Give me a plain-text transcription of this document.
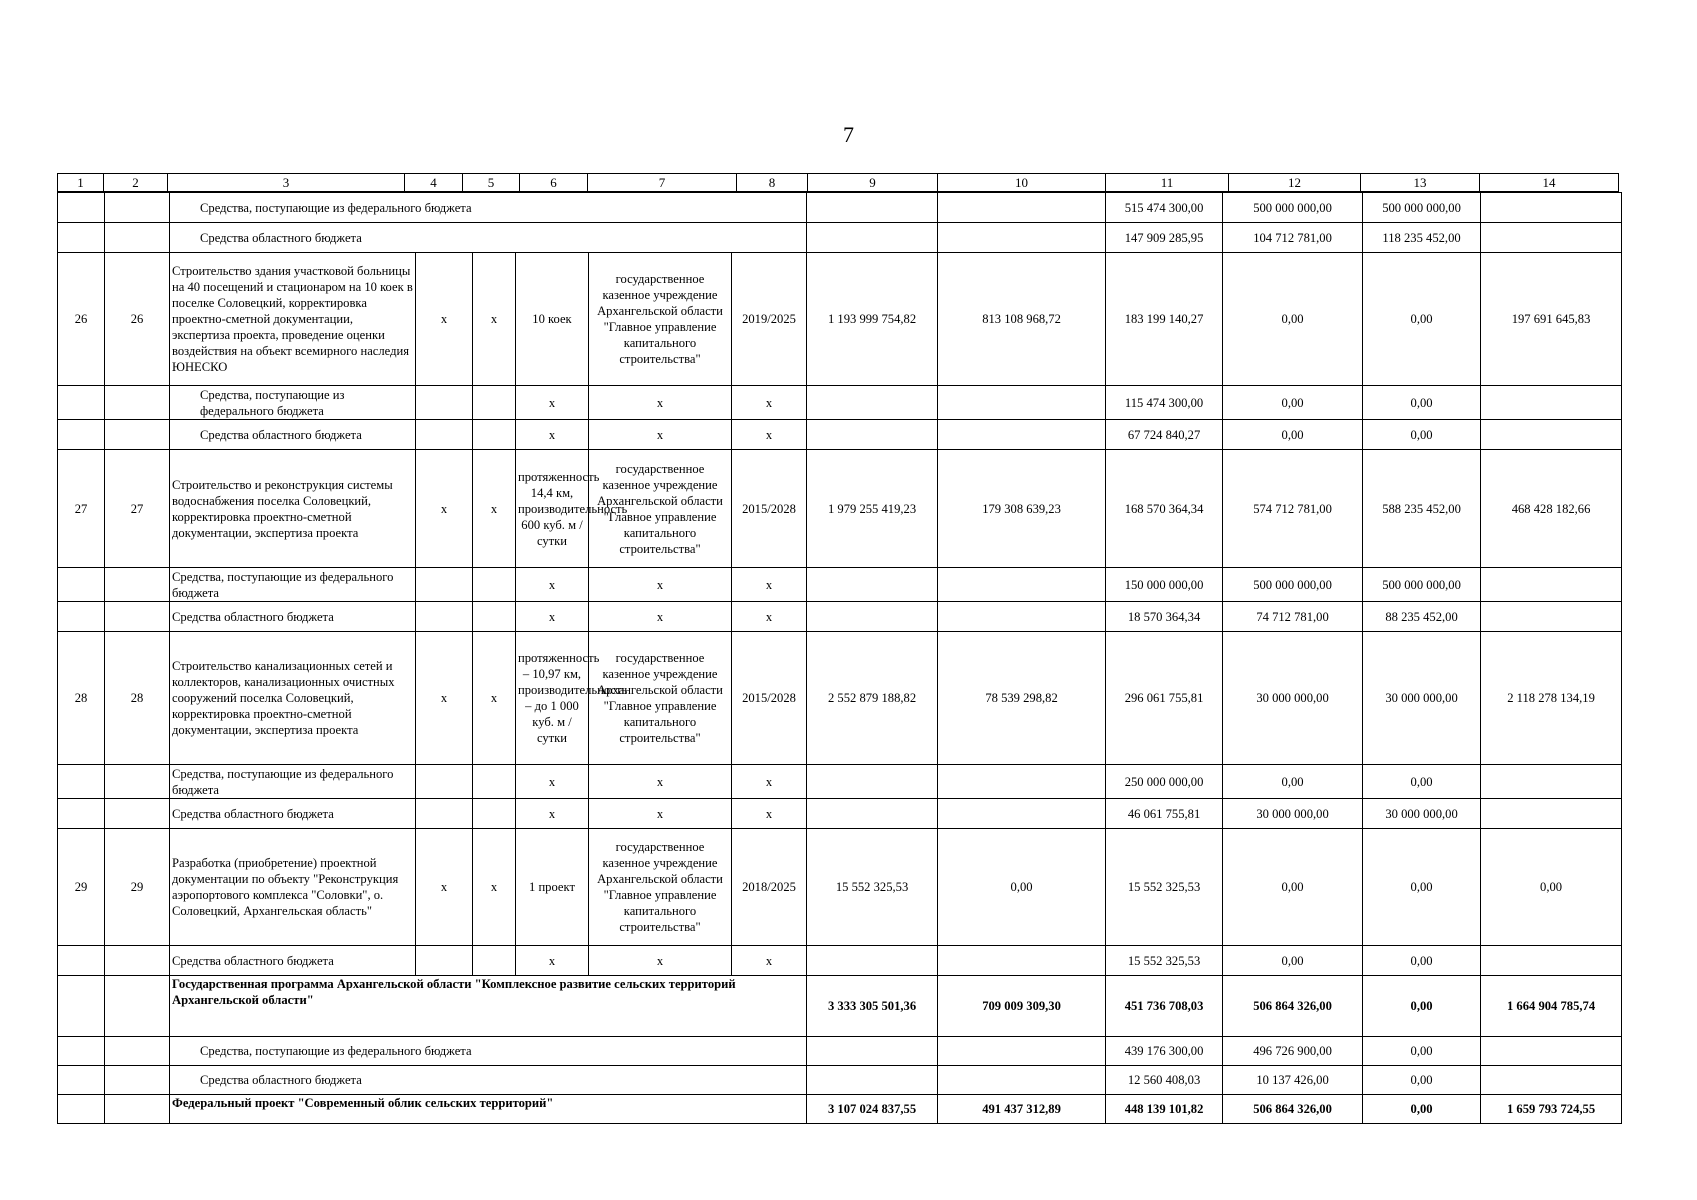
7
1	2	3	4	5	6	7	8	9	10	11	12	13	14
		Средства, поступающие из федерального бюджета								515 474 300,00	500 000 000,00	500 000 000,00	
		Средства областного бюджета								147 909 285,95	104 712 781,00	118 235 452,00	
26	26	Строительство здания участковой больницы на 40 посещений и стационаром на 10 коек в поселке Соловецкий, корректировка проектно-сметной документации, экспертиза проекта, проведение оценки воздействия на объект всемирного наследия ЮНЕСКО	х	х	10 коек	государственное казенное учреждение Архангельской области "Главное управление капитального строительства"	2019/2025	1 193 999 754,82	813 108 968,72	183 199 140,27	0,00	0,00	197 691 645,83
		Средства, поступающие из федерального бюджета			х	х	х			115 474 300,00	0,00	0,00	
		Средства областного бюджета			х	х	х			67 724 840,27	0,00	0,00	
27	27	Строительство и реконструкция системы водоснабжения поселка Соловецкий, корректировка проектно-сметной документации, экспертиза проекта	х	х	протяженность 14,4 км, производительность 600 куб. м / сутки	государственное казенное учреждение Архангельской области "Главное управление капитального строительства"	2015/2028	1 979 255 419,23	179 308 639,23	168 570 364,34	574 712 781,00	588 235 452,00	468 428 182,66
		Средства, поступающие из федерального бюджета			х	х	х			150 000 000,00	500 000 000,00	500 000 000,00	
		Средства областного бюджета			х	х	х			18 570 364,34	74 712 781,00	88 235 452,00	
28	28	Строительство канализационных сетей и коллекторов, канализационных очистных сооружений поселка Соловецкий, корректировка проектно-сметной документации, экспертиза проекта	х	х	протяженность – 10,97 км, производительность – до 1 000 куб. м / сутки	государственное казенное учреждение Архангельской области "Главное управление капитального строительства"	2015/2028	2 552 879 188,82	78 539 298,82	296 061 755,81	30 000 000,00	30 000 000,00	2 118 278 134,19
		Средства, поступающие из федерального бюджета			х	х	х			250 000 000,00	0,00	0,00	
		Средства областного бюджета			х	х	х			46 061 755,81	30 000 000,00	30 000 000,00	
29	29	Разработка (приобретение) проектной документации по объекту "Реконструкция аэропортового комплекса "Соловки", о. Соловецкий, Архангельская область"	х	х	1 проект	государственное казенное учреждение Архангельской области "Главное управление капитального строительства"	2018/2025	15 552 325,53	0,00	15 552 325,53	0,00	0,00	0,00
		Средства областного бюджета			х	х	х			15 552 325,53	0,00	0,00	
		Государственная программа Архангельской области "Комплексное развитие сельских территорий Архангельской области"						3 333 305 501,36	709 009 309,30	451 736 708,03	506 864 326,00	0,00	1 664 904 785,74
		Средства, поступающие из федерального бюджета								439 176 300,00	496 726 900,00	0,00	
		Средства областного бюджета								12 560 408,03	10 137 426,00	0,00	
		Федеральный проект "Современный облик сельских территорий"						3 107 024 837,55	491 437 312,89	448 139 101,82	506 864 326,00	0,00	1 659 793 724,55
